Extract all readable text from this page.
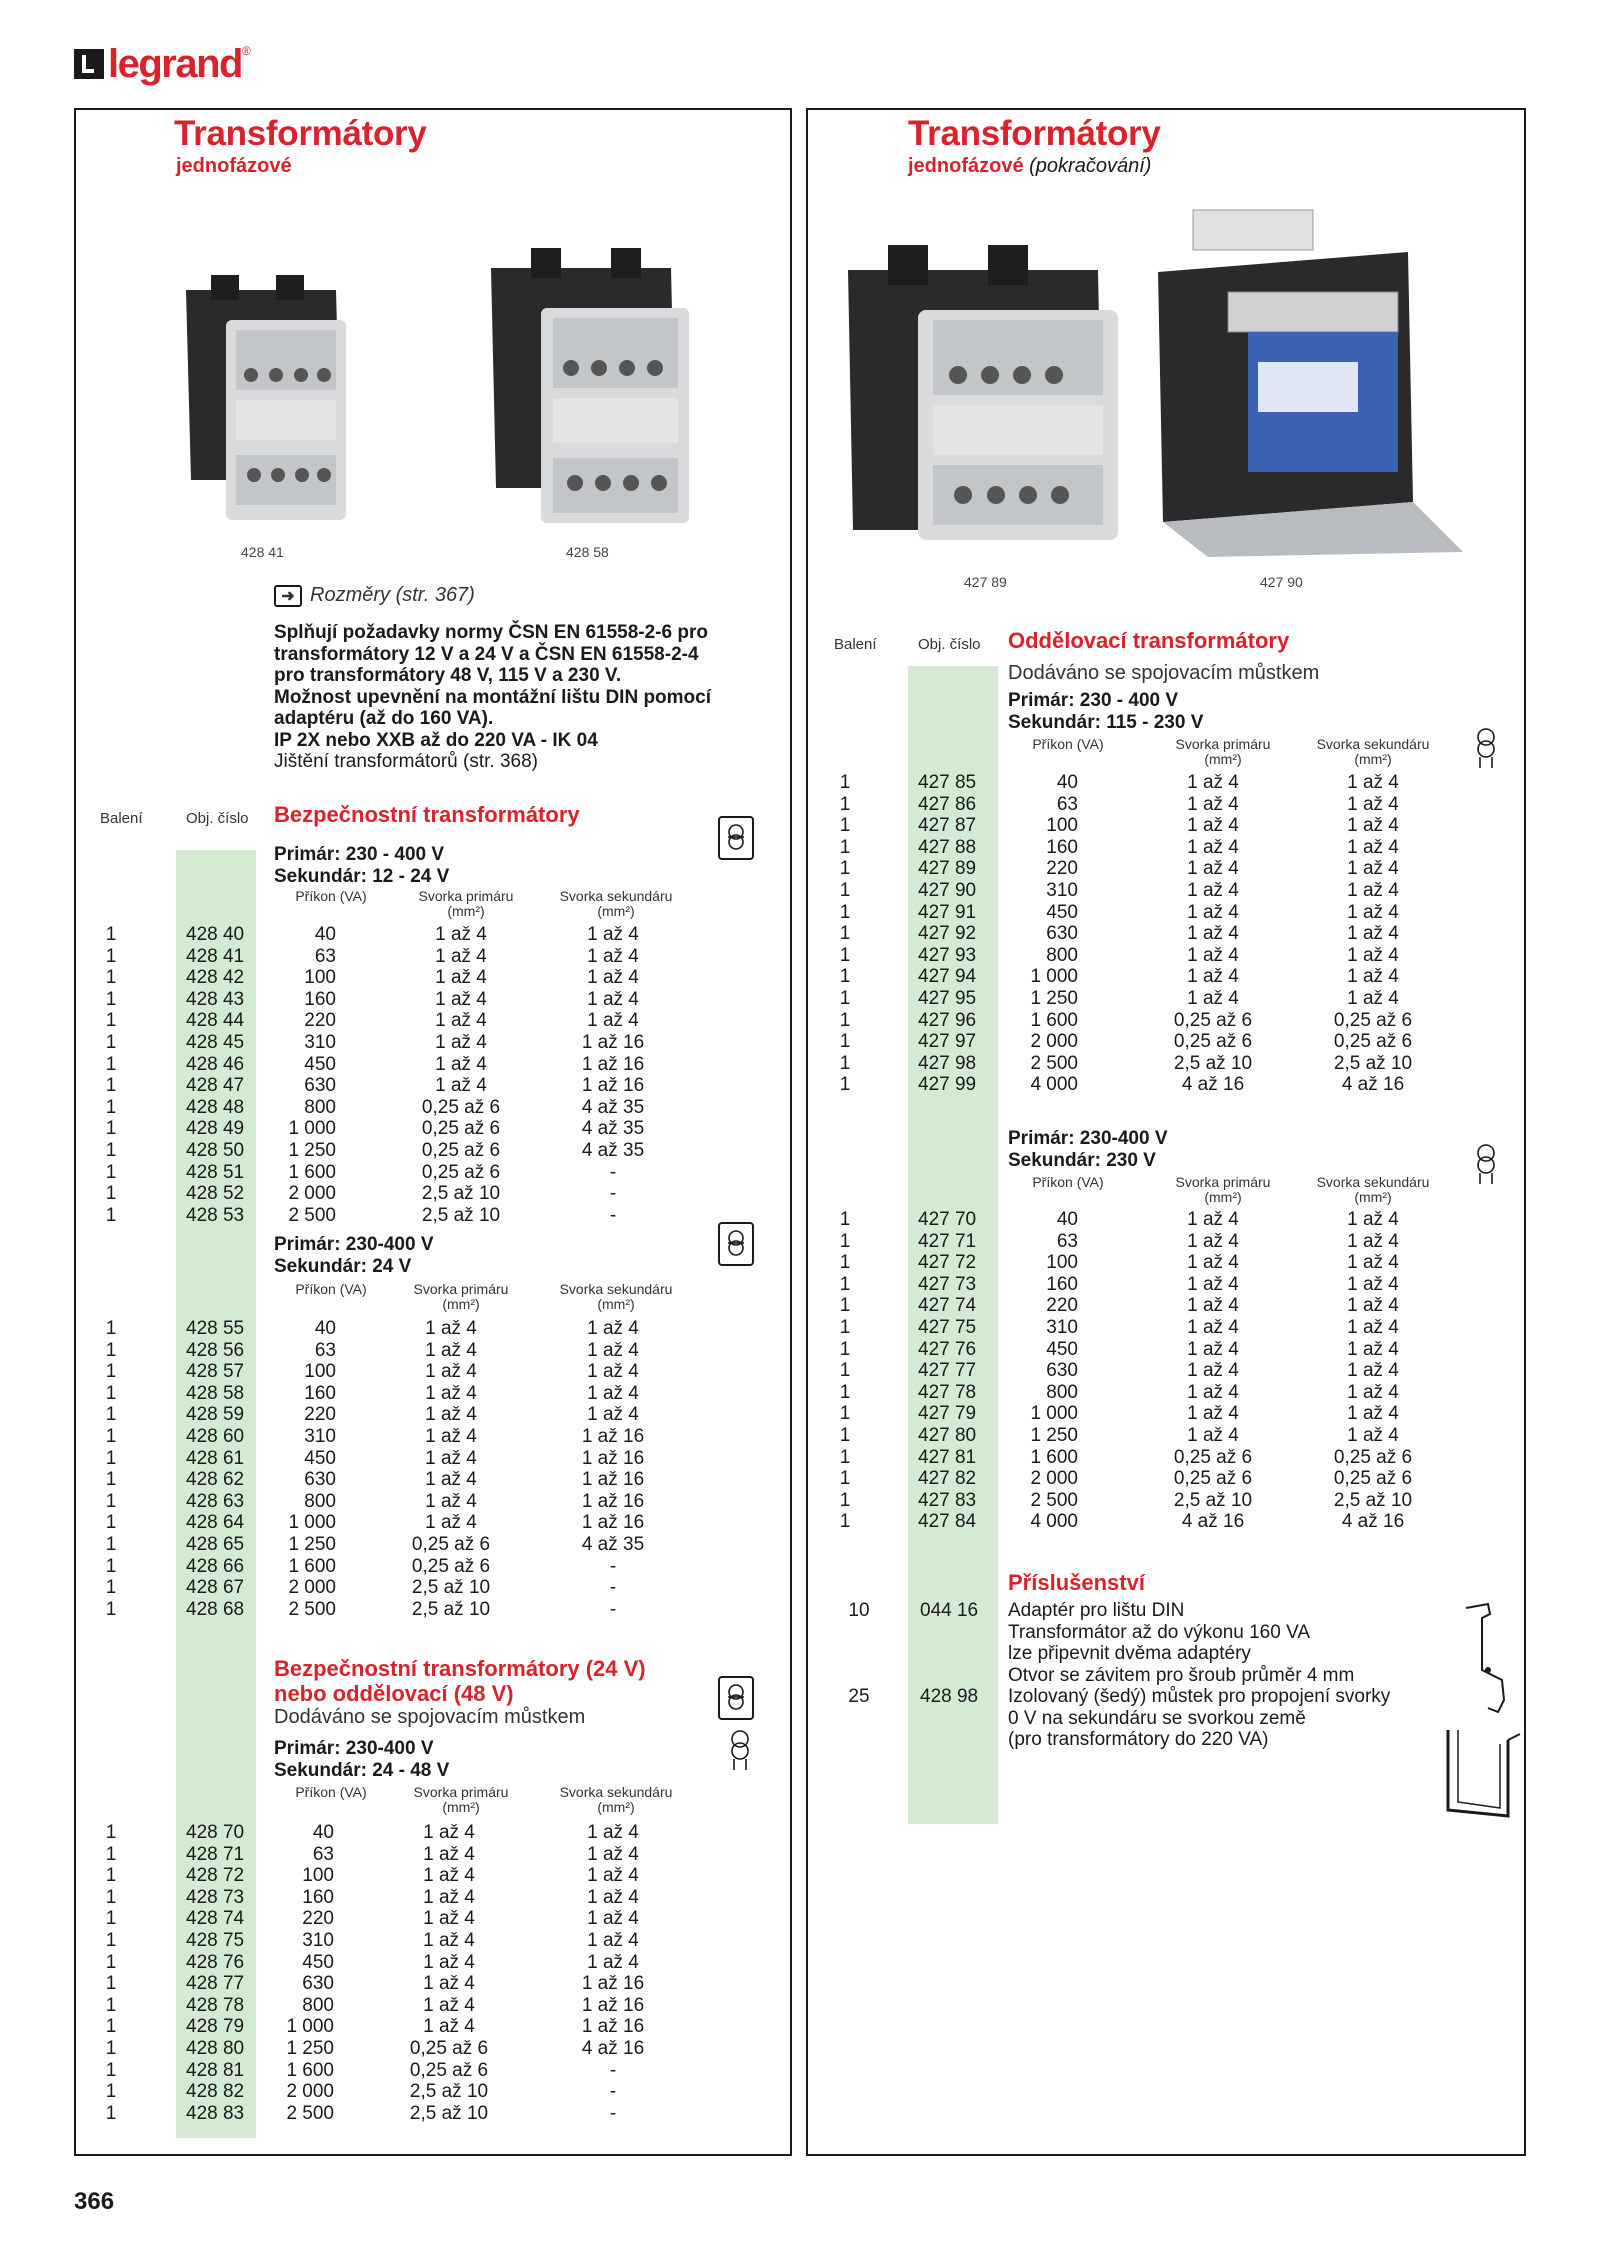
legrand ®
Transformátory
jednofázové
428 41	428 58
➜ Rozměry (str. 367)
Splňují požadavky normy ČSN EN 61558-2-6 pro
transformátory 12 V a 24 V a ČSN EN 61558-2-4
pro transformátory 48 V, 115 V a 230 V.
Možnost upevnění na montážní lištu DIN pomocí
adaptéru (až do 160 VA).
IP 2X nebo XXB až do 220 VA - IK 04
Jištění transformátorů (str. 368)
Balení	Obj. číslo Bezpečnostní transformátory
Primár: 230 - 400 V
Sekundár: 12 - 24 V
Příkon (VA)	Svorka primáru
(mm²)
Svorka sekundáru
(mm²)
1	428 40	40	1 až 4	1 až 4
1	428 41	63	1 až 4	1 až 4
1	428 42	100	1 až 4	1 až 4
1	428 43	160	1 až 4	1 až 4
1	428 44	220	1 až 4	1 až 4
1	428 45	310	1 až 4	1 až 16
1	428 46	450	1 až 4	1 až 16
1	428 47	630	1 až 4	1 až 16
1	428 48	800	0,25 až 6	4 až 35
1	428 49	1 000	0,25 až 6	4 až 35
1	428 50	1 250	0,25 až 6	4 až 35
1	428 51	1 600	0,25 až 6	-
1	428 52	2 000	2,5 až 10	-
1	428 53	2 500	2,5 až 10	-
Primár: 230-400 V
Sekundár: 24 V
Příkon (VA)	Svorka primáru
(mm²)
Svorka sekundáru
(mm²)
1	428 55	40	1 až 4	1 až 4
1	428 56	63	1 až 4	1 až 4
1	428 57	100	1 až 4	1 až 4
1	428 58	160	1 až 4	1 až 4
1	428 59	220	1 až 4	1 až 4
1	428 60	310	1 až 4	1 až 16
1	428 61	450	1 až 4	1 až 16
1	428 62	630	1 až 4	1 až 16
1	428 63	800	1 až 4	1 až 16
1	428 64	1 000	1 až 4	1 až 16
1	428 65	1 250	0,25 až 6	4 až 35
1	428 66	1 600	0,25 až 6	-
1	428 67	2 000	2,5 až 10	-
1	428 68	2 500	2,5 až 10	-
Bezpečnostní transformátory (24 V)
nebo oddělovací (48 V)
Dodáváno se spojovacím můstkem
Primár: 230-400 V
Sekundár: 24 - 48 V
Příkon (VA)	Svorka primáru
(mm²)
Svorka sekundáru
(mm²)
1	428 70	40	1 až 4	1 až 4
1	428 71	63	1 až 4	1 až 4
1	428 72	100	1 až 4	1 až 4
1	428 73	160	1 až 4	1 až 4
1	428 74	220	1 až 4	1 až 4
1	428 75	310	1 až 4	1 až 4
1	428 76	450	1 až 4	1 až 4
1	428 77	630	1 až 4	1 až 16
1	428 78	800	1 až 4	1 až 16
1	428 79	1 000	1 až 4	1 až 16
1	428 80	1 250	0,25 až 6	4 až 16
1	428 81	1 600	0,25 až 6	-
1	428 82	2 000	2,5 až 10	-
1	428 83	2 500	2,5 až 10	-
Transformátory
jednofázové (pokračování)
427 89	427 90
Balení	Obj. číslo Oddělovací transformátory
Dodáváno se spojovacím můstkem
Primár: 230 - 400 V
Sekundár: 115 - 230 V
Příkon (VA)	Svorka primáru
(mm²)
Svorka sekundáru
(mm²)
1	427 85	40	1 až 4	1 až 4
1	427 86	63	1 až 4	1 až 4
1	427 87	100	1 až 4	1 až 4
1	427 88	160	1 až 4	1 až 4
1	427 89	220	1 až 4	1 až 4
1	427 90	310	1 až 4	1 až 4
1	427 91	450	1 až 4	1 až 4
1	427 92	630	1 až 4	1 až 4
1	427 93	800	1 až 4	1 až 4
1	427 94	1 000	1 až 4	1 až 4
1	427 95	1 250	1 až 4	1 až 4
1	427 96	1 600	0,25 až 6	0,25 až 6
1	427 97	2 000	0,25 až 6	0,25 až 6
1	427 98	2 500	2,5 až 10	2,5 až 10
1	427 99	4 000	4 až 16	4 až 16
Primár: 230-400 V
Sekundár: 230 V
Příkon (VA)	Svorka primáru
(mm²)
Svorka sekundáru
(mm²)
1	427 70	40	1 až 4	1 až 4
1	427 71	63	1 až 4	1 až 4
1	427 72	100	1 až 4	1 až 4
1	427 73	160	1 až 4	1 až 4
1	427 74	220	1 až 4	1 až 4
1	427 75	310	1 až 4	1 až 4
1	427 76	450	1 až 4	1 až 4
1	427 77	630	1 až 4	1 až 4
1	427 78	800	1 až 4	1 až 4
1	427 79	1 000	1 až 4	1 až 4
1	427 80	1 250	1 až 4	1 až 4
1	427 81	1 600	0,25 až 6	0,25 až 6
1	427 82	2 000	0,25 až 6	0,25 až 6
1	427 83	2 500	2,5 až 10	2,5 až 10
1	427 84	4 000	4 až 16	4 až 16
Příslušenství
10	044 16
25	428 98
Adaptér pro lištu DIN
Transformátor až do výkonu 160 VA
lze připevnit dvěma adaptéry
Otvor se závitem pro šroub průměr 4 mm
Izolovaný (šedý) můstek pro propojení svorky
0 V na sekundáru se svorkou země
(pro transformátory do 220 VA)
366
